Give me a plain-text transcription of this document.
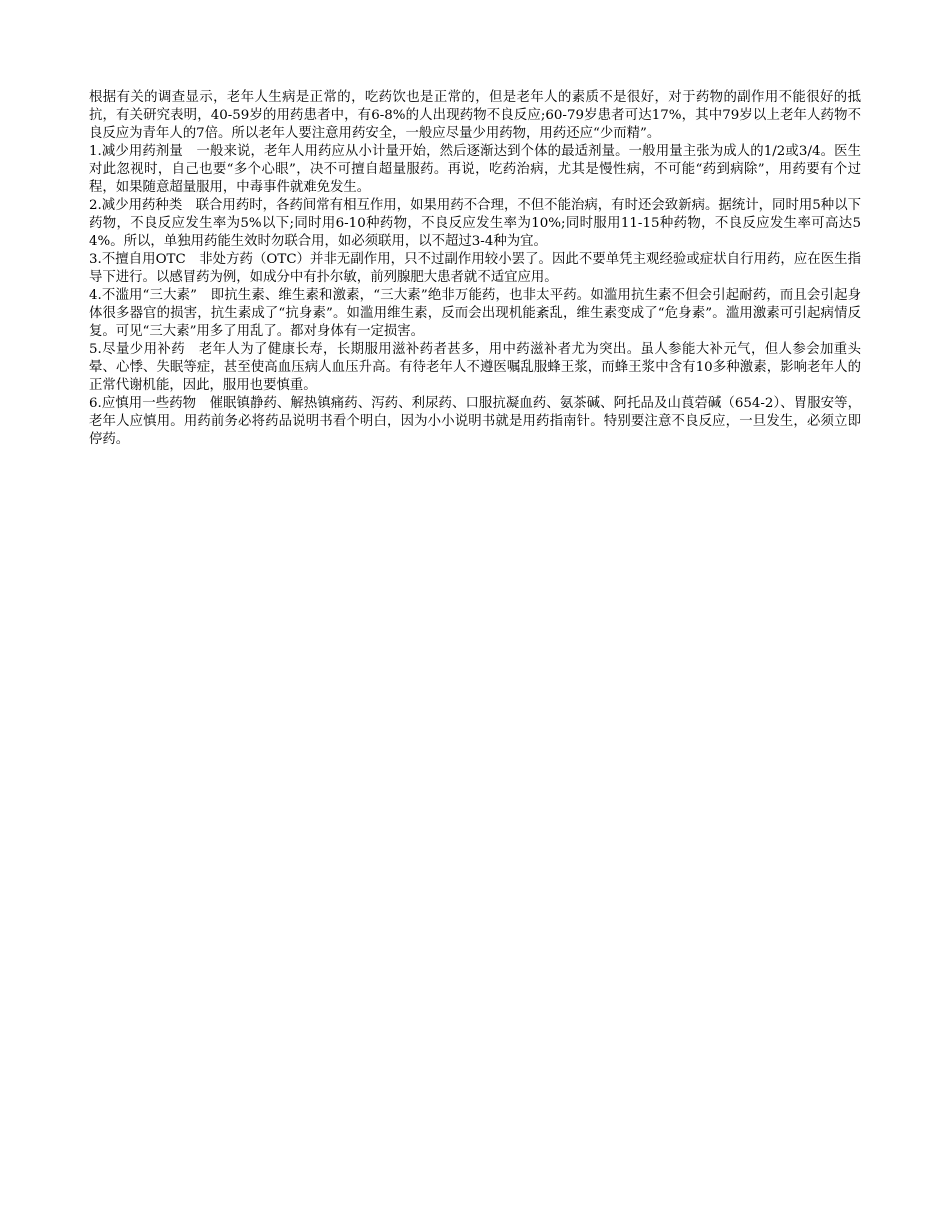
根据有关的调查显示，老年人生病是正常的，吃药饮也是正常的，但是老年人的素质不是很好，对于药物的副作用不能很好的抵抗，有关研究表明，40-59岁的用药患者中，有6-8%的人出现药物不良反应;60-79岁患者可达17%，其中79岁以上老年人药物不良反应为青年人的7倍。所以老年人要注意用药安全，一般应尽量少用药物，用药还应“少而精”。

1.减少用药剂量　一般来说，老年人用药应从小计量开始，然后逐渐达到个体的最适剂量。一般用量主张为成人的1/2或3/4。医生对此忽视时，自己也要“多个心眼”，决不可擅自超量服药。再说，吃药治病，尤其是慢性病，不可能“药到病除”，用药要有个过程，如果随意超量服用，中毒事件就难免发生。

2.减少用药种类　联合用药时，各药间常有相互作用，如果用药不合理，不但不能治病，有时还会致新病。据统计，同时用5种以下药物，不良反应发生率为5%以下;同时用6-10种药物，不良反应发生率为10%;同时服用11-15种药物，不良反应发生率可高达54%。所以，单独用药能生效时勿联合用，如必须联用，以不超过3-4种为宜。

3.不擅自用OTC　非处方药（OTC）并非无副作用，只不过副作用较小罢了。因此不要单凭主观经验或症状自行用药，应在医生指导下进行。以感冒药为例，如成分中有扑尔敏，前列腺肥大患者就不适宜应用。

4.不滥用“三大素”　即抗生素、维生素和激素，“三大素”绝非万能药，也非太平药。如滥用抗生素不但会引起耐药，而且会引起身体很多器官的损害，抗生素成了“抗身素”。如滥用维生素，反而会出现机能紊乱，维生素变成了“危身素”。滥用激素可引起病情反复。可见“三大素”用多了用乱了。都对身体有一定损害。

5.尽量少用补药　老年人为了健康长寿，长期服用滋补药者甚多，用中药滋补者尤为突出。虽人参能大补元气，但人参会加重头晕、心悸、失眠等症，甚至使高血压病人血压升高。有待老年人不遵医嘱乱服蜂王浆，而蜂王浆中含有10多种激素，影响老年人的正常代谢机能，因此，服用也要慎重。

6.应慎用一些药物　催眠镇静药、解热镇痛药、泻药、利尿药、口服抗凝血药、氨茶碱、阿托品及山莨菪碱（654-2）、胃服安等，老年人应慎用。用药前务必将药品说明书看个明白，因为小小说明书就是用药指南针。特别要注意不良反应，一旦发生，必须立即停药。
